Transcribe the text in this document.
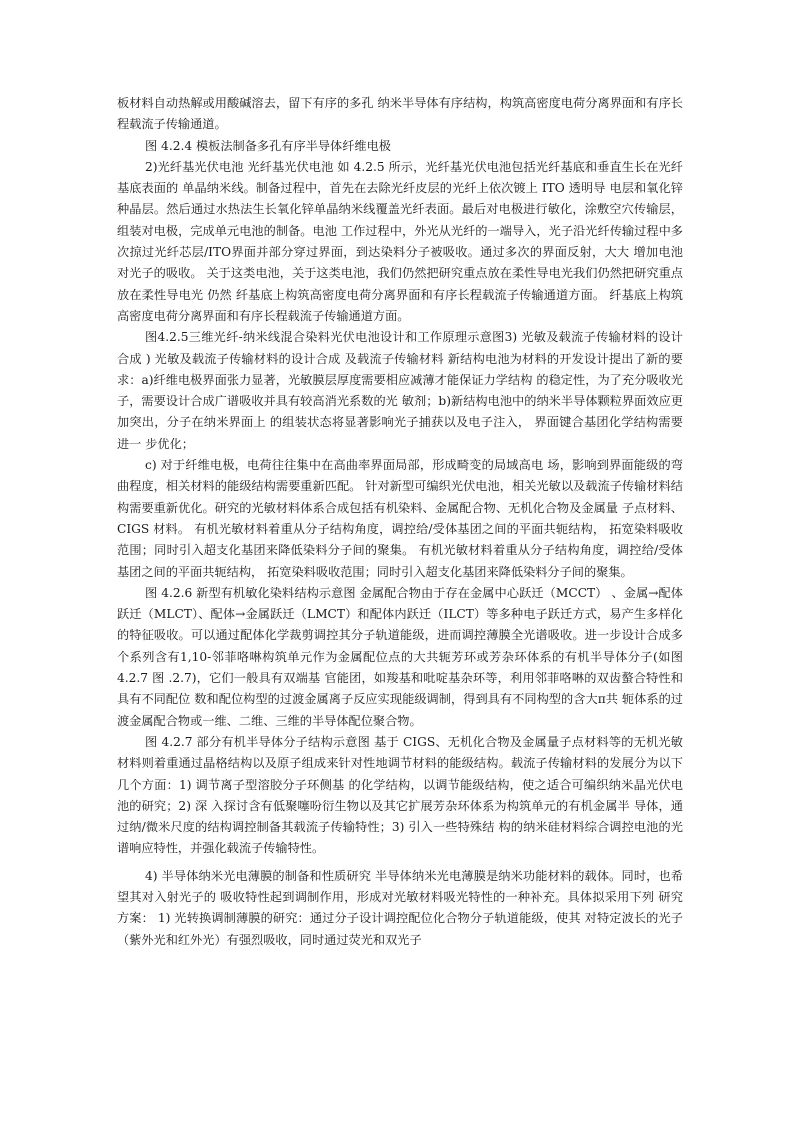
板材料自动热解或用酸碱溶去，留下有序的多孔 纳米半导体有序结构，构筑高密度电荷分离界面和有序长程载流子传输通道。

图 4.2.4 模板法制备多孔有序半导体纤维电极

2)光纤基光伏电池 光纤基光伏电池 如 4.2.5 所示，光纤基光伏电池包括光纤基底和垂直生长在光纤基底表面的 单晶纳米线。制备过程中，首先在去除光纤皮层的光纤上依次镀上 ITO 透明导 电层和氧化锌种晶层。然后通过水热法生长氧化锌单晶纳米线覆盖光纤表面。最后对电极进行敏化，涂敷空穴传输层，组装对电极，完成单元电池的制备。电池 工作过程中，外光从光纤的一端导入，光子沿光纤传输过程中多次掠过光纤芯层/ITO界面并部分穿过界面，到达染料分子被吸收。通过多次的界面反射，大大 增加电池对光子的吸收。 关于这类电池，关于这类电池，我们仍然把研究重点放在柔性导电光我们仍然把研究重点放在柔性导电光 仍然 纤基底上构筑高密度电荷分离界面和有序长程载流子传输通道方面。 纤基底上构筑高密度电荷分离界面和有序长程载流子传输通道方面。

图4.2.5三维光纤-纳米线混合染料光伏电池设计和工作原理示意图3) 光敏及载流子传输材料的设计合成 ) 光敏及载流子传输材料的设计合成 及载流子传输材料 新结构电池为材料的开发设计提出了新的要求：a)纤维电极界面张力显著，光敏膜层厚度需要相应减薄才能保证力学结构 的稳定性，为了充分吸收光子，需要设计合成广谱吸收并具有较高消光系数的光 敏剂；b)新结构电池中的纳米半导体颗粒界面效应更加突出，分子在纳米界面上 的组装状态将显著影响光子捕获以及电子注入， 界面键合基团化学结构需要进一 步优化；

c) 对于纤维电极，电荷往往集中在高曲率界面局部，形成畸变的局域高电 场，影响到界面能级的弯曲程度，相关材料的能级结构需要重新匹配。 针对新型可编织光伏电池，相关光敏以及载流子传输材料结构需要重新优化。研究的光敏材料体系合成包括有机染料、金属配合物、无机化合物及金属量 子点材料、CIGS 材料。 有机光敏材料着重从分子结构角度，调控给/受体基团之间的平面共轭结构， 拓宽染料吸收范围；同时引入超支化基团来降低染料分子间的聚集。 有机光敏材料着重从分子结构角度，调控给/受体基团之间的平面共轭结构， 拓宽染料吸收范围；同时引入超支化基团来降低染料分子间的聚集。

图 4.2.6 新型有机敏化染料结构示意图 金属配合物由于存在金属中心跃迁（MCCT） 、金属→配体跃迁（MLCT）、配体→金属跃迁（LMCT）和配体内跃迁（ILCT）等多种电子跃迁方式，易产生多样化 的特征吸收。可以通过配体化学裁剪调控其分子轨道能级，进而调控薄膜全光谱吸收。进一步设计合成多个系列含有1,10-邻菲咯啉构筑单元作为金属配位点的大共轭芳环或芳杂环体系的有机半导体分子(如图 4.2.7 图 .2.7)，它们一般具有双端基 官能团，如羧基和吡啶基杂环等，利用邻菲咯啉的双齿螯合特性和具有不同配位 数和配位构型的过渡金属离子反应实现能级调制，得到具有不同构型的含大π共 轭体系的过渡金属配合物或一维、二维、三维的半导体配位聚合物。

图 4.2.7 部分有机半导体分子结构示意图 基于 CIGS、无机化合物及金属量子点材料等的无机光敏材料则着重通过晶格结构以及原子组成来针对性地调节材料的能级结构。载流子传输材料的发展分为以下几个方面：1) 调节离子型溶胶分子环侧基 的化学结构，以调节能级结构，使之适合可编织纳米晶光伏电池的研究；2) 深 入探讨含有低聚噻吩衍生物以及其它扩展芳杂环体系为构筑单元的有机金属半 导体，通过纳/微米尺度的结构调控制备其载流子传输特性；3) 引入一些特殊结 构的纳米硅材料综合调控电池的光谱响应特性，并强化载流子传输特性。

4) 半导体纳米光电薄膜的制备和性质研究 半导体纳米光电薄膜是纳米功能材料的载体。同时，也希望其对入射光子的 吸收特性起到调制作用，形成对光敏材料吸光特性的一种补充。具体拟采用下列 研究方案： 1) 光转换调制薄膜的研究：通过分子设计调控配位化合物分子轨道能级，使其 对特定波长的光子（紫外光和红外光）有强烈吸收，同时通过荧光和双光子
